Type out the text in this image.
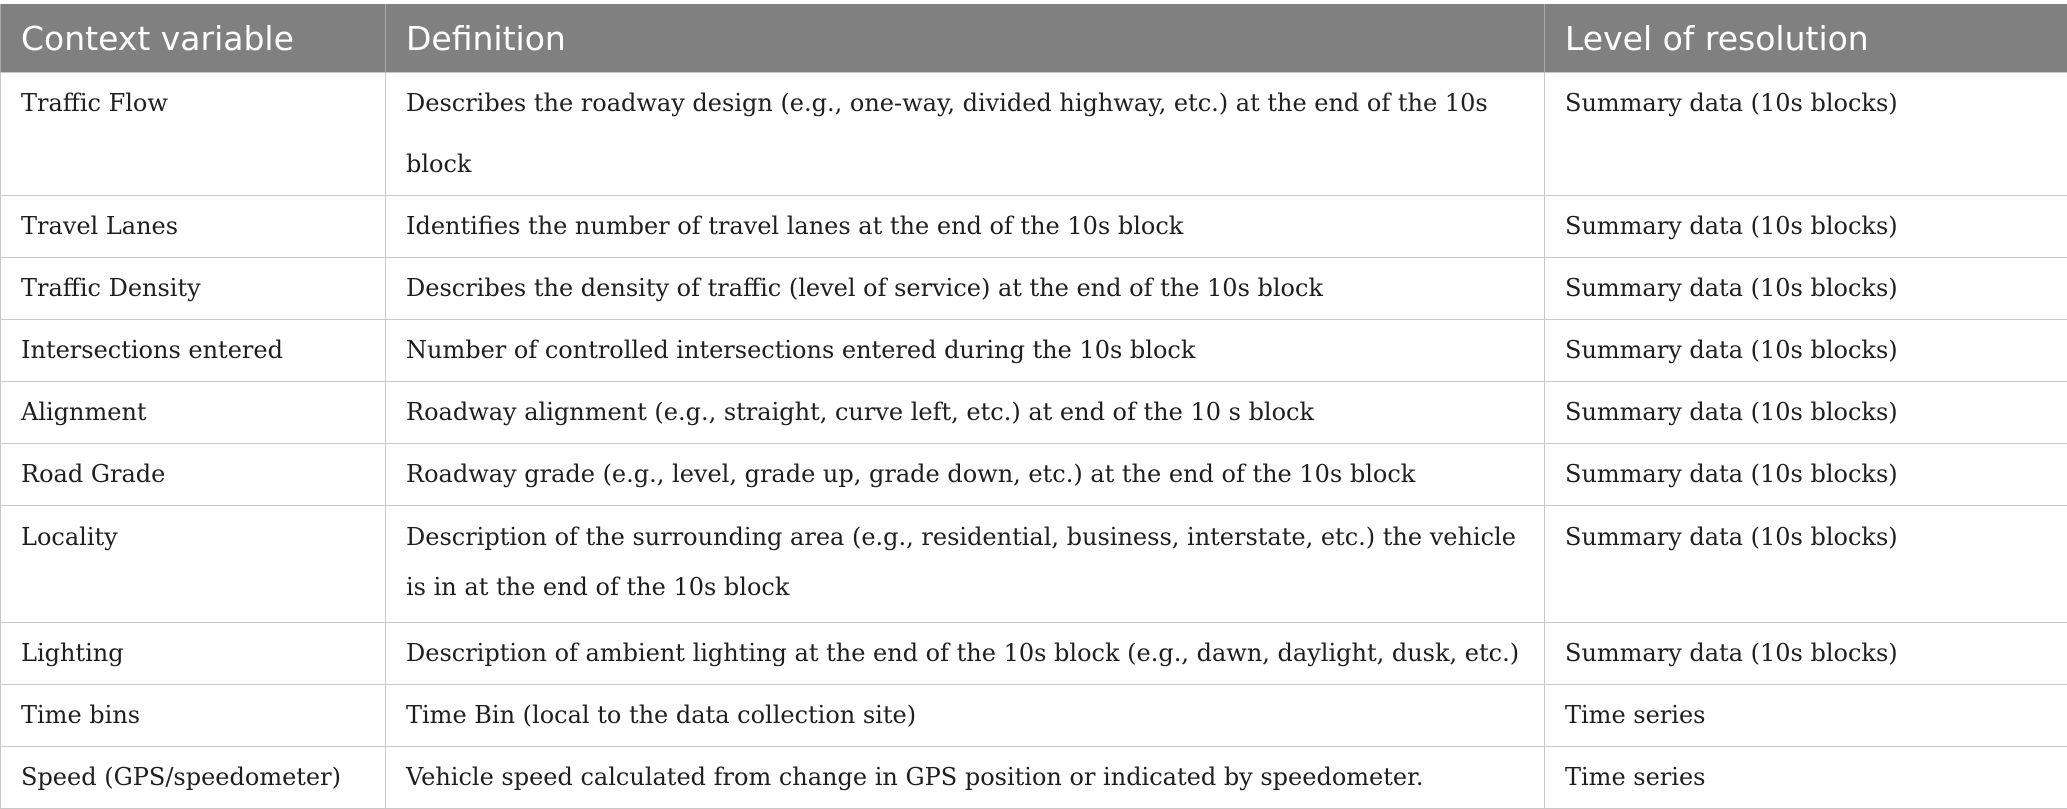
Context variable	Definition	Level of resolution
Traffic Flow	Describes the roadway design (e.g., one-way, divided highway, etc.) at the end of the 10s block	Summary data (10s blocks)
Travel Lanes	Identifies the number of travel lanes at the end of the 10s block	Summary data (10s blocks)
Traffic Density	Describes the density of traffic (level of service) at the end of the 10s block	Summary data (10s blocks)
Intersections entered	Number of controlled intersections entered during the 10s block	Summary data (10s blocks)
Alignment	Roadway alignment (e.g., straight, curve left, etc.) at end of the 10 s block	Summary data (10s blocks)
Road Grade	Roadway grade (e.g., level, grade up, grade down, etc.) at the end of the 10s block	Summary data (10s blocks)
Locality	Description of the surrounding area (e.g., residential, business, interstate, etc.) the vehicle is in at the end of the 10s block	Summary data (10s blocks)
Lighting	Description of ambient lighting at the end of the 10s block (e.g., dawn, daylight, dusk, etc.)	Summary data (10s blocks)
Time bins	Time Bin (local to the data collection site)	Time series
Speed (GPS/speedometer)	Vehicle speed calculated from change in GPS position or indicated by speedometer.	Time series
